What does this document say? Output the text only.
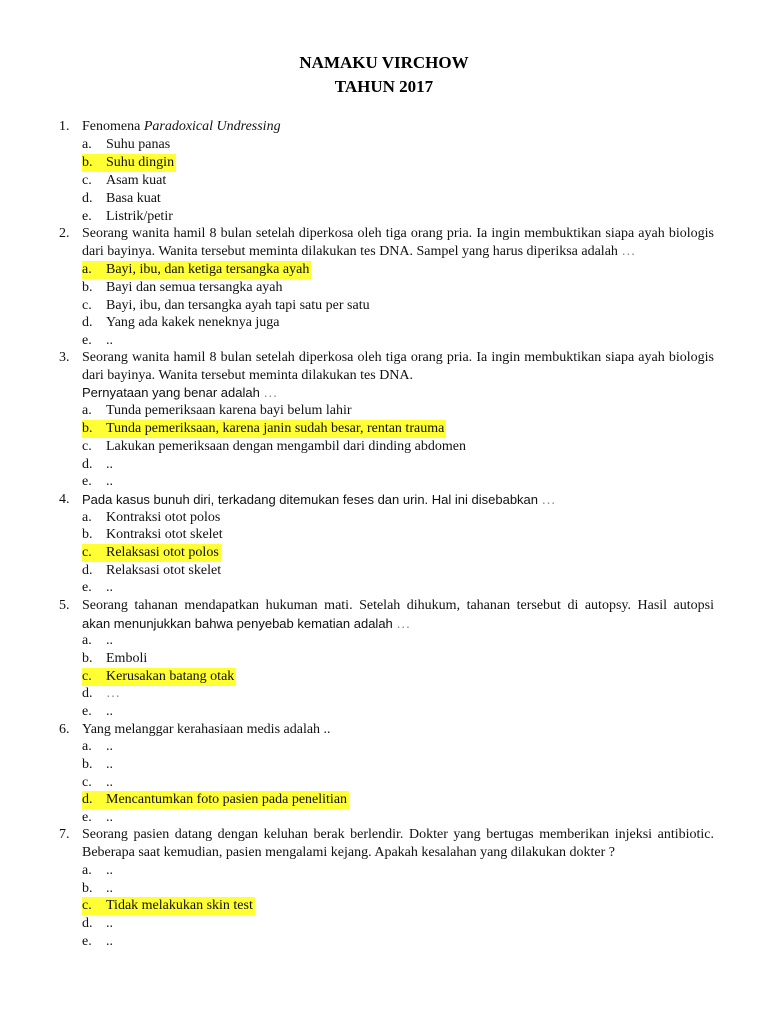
NAMAKU VIRCHOW
TAHUN 2017
1. Fenomena Paradoxical Undressing
a. Suhu panas
b. Suhu dingin
c. Asam kuat
d. Basa kuat
e. Listrik/petir
2. Seorang wanita hamil 8 bulan setelah diperkosa oleh tiga orang pria. Ia ingin membuktikan siapa ayah biologis
dari bayinya. Wanita tersebut meminta dilakukan tes DNA. Sampel yang harus diperiksa adalah …
a. Bayi, ibu, dan ketiga tersangka ayah
b. Bayi dan semua tersangka ayah
c. Bayi, ibu, dan tersangka ayah tapi satu per satu
d. Yang ada kakek neneknya juga
e. ..
3. Seorang wanita hamil 8 bulan setelah diperkosa oleh tiga orang pria. Ia ingin membuktikan siapa ayah biologis
dari bayinya. Wanita tersebut meminta dilakukan tes DNA.
Pernyataan yang benar adalah …
a. Tunda pemeriksaan karena bayi belum lahir
b. Tunda pemeriksaan, karena janin sudah besar, rentan trauma
c. Lakukan pemeriksaan dengan mengambil dari dinding abdomen
d. ..
e. ..
4. Pada kasus bunuh diri, terkadang ditemukan feses dan urin. Hal ini disebabkan …
a. Kontraksi otot polos
b. Kontraksi otot skelet
c. Relaksasi otot polos
d. Relaksasi otot skelet
e. ..
5. Seorang tahanan mendapatkan hukuman mati. Setelah dihukum, tahanan tersebut di autopsy. Hasil autopsi
akan menunjukkan bahwa penyebab kematian adalah …
a. ..
b. Emboli
c. Kerusakan batang otak
d. …
e. ..
6. Yang melanggar kerahasiaan medis adalah ..
a. ..
b. ..
c. ..
d. Mencantumkan foto pasien pada penelitian
e. ..
7. Seorang pasien datang dengan keluhan berak berlendir. Dokter yang bertugas memberikan injeksi antibiotic.
Beberapa saat kemudian, pasien mengalami kejang. Apakah kesalahan yang dilakukan dokter ?
a. ..
b. ..
c. Tidak melakukan skin test
d. ..
e. ..
